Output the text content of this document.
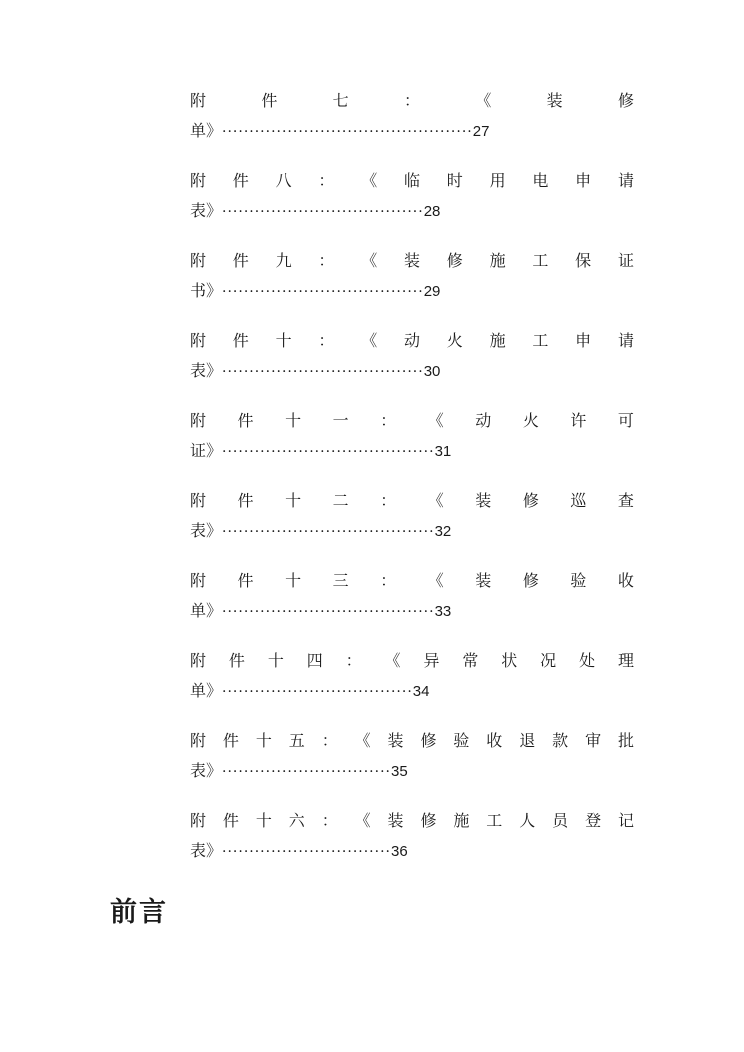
附	件	七	：	《	装	修
单》 ·············································· 27
附 件 八 ： 《 临 时 用 电 申 请
表》 ····································· 28
附 件 九 ： 《 装 修 施 工 保 证
书》 ····································· 29
附 件 十 ： 《 动 火 施 工 申 请
表》 ····································· 30
附 件 十 一 ： 《 动 火 许 可
证》 ······································· 31
附 件 十 二 ： 《 装 修 巡 查
表》 ······································· 32
附 件 十 三 ： 《 装 修 验 收
单》 ······································· 33
附 件 十 四 ： 《 异 常 状 况 处 理
单》 ··································· 34
附 件 十 五 ： 《 装 修 验 收 退 款 审 批
表》 ······························· 35
附 件 十 六 ： 《 装 修 施 工 人 员 登 记
表》 ······························· 36
前言
